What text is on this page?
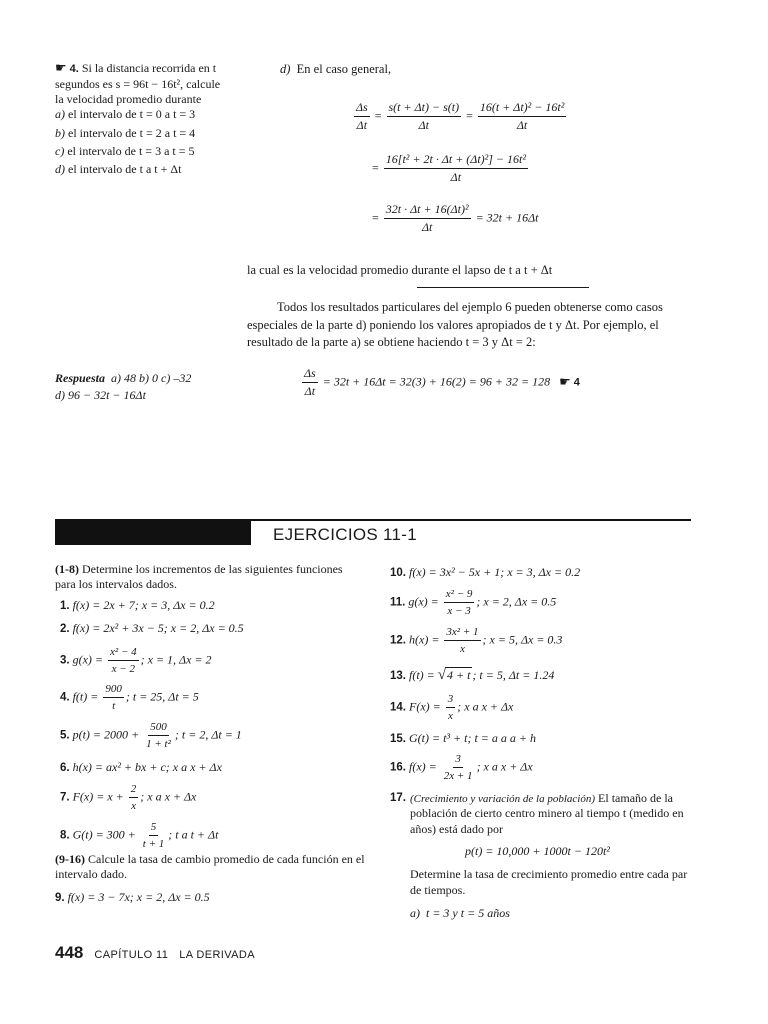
☛ 4. Si la distancia recorrida en t
segundos es s = 96t − 16t², calcule
la velocidad promedio durante
a) el intervalo de t = 0 a t = 3
b) el intervalo de t = 2 a t = 4
c) el intervalo de t = 3 a t = 5
d) el intervalo de t a t + Δt
Respuesta a) 48 b) 0 c) –32
d) 96 − 32t − 16Δt
d) En el caso general,
$\frac{\Delta s}{\Delta t} = \frac{s(t + \Delta t) - s(t)}{\Delta t} = \frac{\text{16(t + Δt)² − 16t²}}{\Delta t}$
= $\frac{\text{16[t² + 2t · Δt + (Δt)²] − 16t²}}{\Delta t}$
= $\frac{\text{32t · Δt + 16(Δt)²}}{\Delta t} = 32t + 16\Delta t$
la cual es la velocidad promedio durante el lapso de t a t + Δt
Todos los resultados particulares del ejemplo 6 pueden obtenerse como casos especiales de la parte d) poniendo los valores apropiados de t y Δt. Por ejemplo, el resultado de la parte a) se obtiene haciendo t = 3 y Δt = 2:
$\frac{\Delta s}{\Delta t} = 32t + 16\Delta t = 32(3) + 16(2) = 96 + 32 = 128$ ☛ 4
EJERCICIOS 11-1
(1-8) Determine los incrementos de las siguientes funciones para los intervalos dados.
1. f(x) = 2x + 7; x = 3, Δx = 0.2
2. f(x) = 2x² + 3x − 5; x = 2, Δx = 0.5
3. $g(x) = \frac{\text{x² − 4}}{x - 2}$ ; x = 1, Δx = 2
4. $f(t) = \frac{900}{t}$ ; t = 25, Δt = 5
5. $p(t) = 2000 + \frac{500}{\text{1 + t²}}$ ; t = 2, Δt = 1
6. h(x) = ax² + bx + c; x a x + Δx
7. $F(x) = x + \frac{2}{x}$ ; x a x + Δx
8. $G(t) = 300 + \frac{5}{t + 1}$ ; t a t + Δt
(9-16) Calcule la tasa de cambio promedio de cada función en el intervalo dado.
9. f(x) = 3 − 7x; x = 2, Δx = 0.5
10. f(x) = 3x² − 5x + 1; x = 3, Δx = 0.2
11. $g(x) = \frac{\text{x² − 9}}{x - 3}$ ; x = 2, Δx = 0.5
12. $h(x) = \frac{\text{3x² + 1}}{x}$ ; x = 5, Δx = 0.3
13. f(t) = √4 + t ; t = 5, Δt = 1.24
14. $F(x) = \frac{3}{x}$ ; x a x + Δx
15. G(t) = t³ + t; t = a a a + h
16. $f(x) = \frac{3}{2x + 1}$ ; x a x + Δx
17. (Crecimiento y variación de la población) El tamaño de la población de cierto centro minero al tiempo t (medido en años) está dado por
p(t) = 10,000 + 1000t − 120t²
Determine la tasa de crecimiento promedio entre cada par de tiempos.
a) t = 3 y t = 5 años
448 CAPÍTULO 11 LA DERIVADA
